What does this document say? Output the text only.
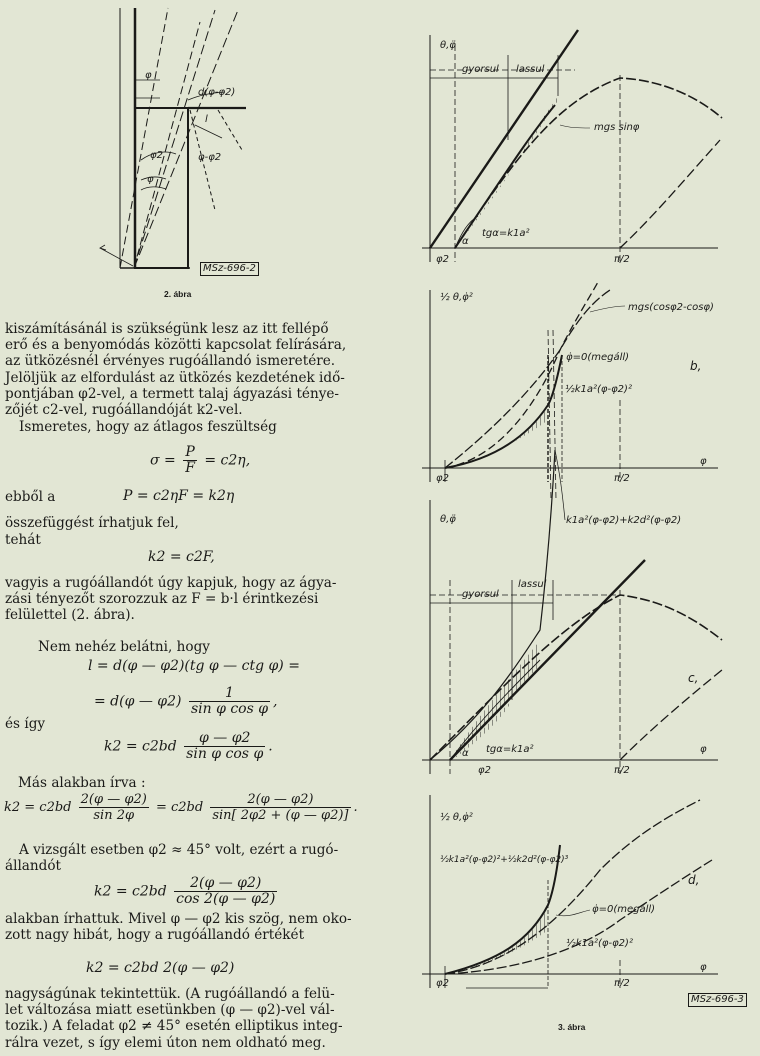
φ
d(φ-φ2)
l
φ-φ2
φ2
φ
θ,φ̈
gyorsul lassul
mgs sinφ
tgα=k1a²
α
φ2	π/2
½ θ,φ̇²
mgs(cosφ2-cosφ)
φ̇=0(megáll)
½k1a²(φ-φ2)²
b,
φ
φ2	π/2
θ,φ̈	k1a²(φ-φ2)+k2d²(φ-φ2)
gyorsul
lassul
c,
tgα=k1a²
α
φ2
φ
π/2
½ θ,φ̇²
½k1a²(φ-φ2)²+½k2d²(φ-φ2)³
d,
φ̇=0(megáll)
½k1a²(φ-φ2)²
φ
φ2	π/2
MSz-696-2
2. ábra
MSz-696-3
3. ábra
kiszámításánál is szükségünk lesz az itt fellépő
erő és a benyomódás közötti kapcsolat felírására,
az ütközésnél érvényes rugóállandó ismeretére.
Jelöljük az elfordulást az ütközés kezdetének idő-
pontjában φ2-vel, a termett talaj ágyazási ténye-
zőjét c2-vel, rugóállandóját k2-vel.
Ismeretes, hogy az átlagos feszültség
$\sigma = \frac{P}{F} = c2\eta$,
ebből a	P = c2ηF = k2η
összefüggést írhatjuk fel,
tehát
k2 = c2F,
vagyis a rugóállandót úgy kapjuk, hogy az ágya-
zási tényezőt szorozzuk az F = b·l érintkezési
felülettel (2. ábra).
Nem nehéz belátni, hogy
l = d(φ — φ2)(tg φ — ctg φ) =
= d(φ — $\varphi 2) \frac{1}{\text{sin φ cos φ}}$ ,
és így
$k2 = c2bd \frac{\varphi — \varphi 2}{\text{sin φ cos φ}}$ .
Más alakban írva :
$k2 = c2bd \frac{2(\varphi — \varphi 2)}{\sin 2\varphi} = c2bd \frac{2(\varphi — \varphi 2)}{\sin[ 2\varphi 2 + (\varphi — \varphi 2)]}$ .
A vizsgált esetben φ2 ≈ 45° volt, ezért a rugó-
állandót
$k2 = c2bd \frac{2(\varphi — \varphi 2)}{\cos 2(\varphi — \varphi 2)}$
alakban írhattuk. Mivel φ — φ2 kis szög, nem oko-
zott nagy hibát, hogy a rugóállandó értékét
k2 = c2bd 2(φ — φ2)
nagyságúnak tekintettük. (A rugóállandó a felü-
let változása miatt esetünkben (φ — φ2)-vel vál-
tozik.) A feladat φ2 ≠ 45° esetén elliptikus integ-
rálra vezet, s így elemi úton nem oldható meg.
